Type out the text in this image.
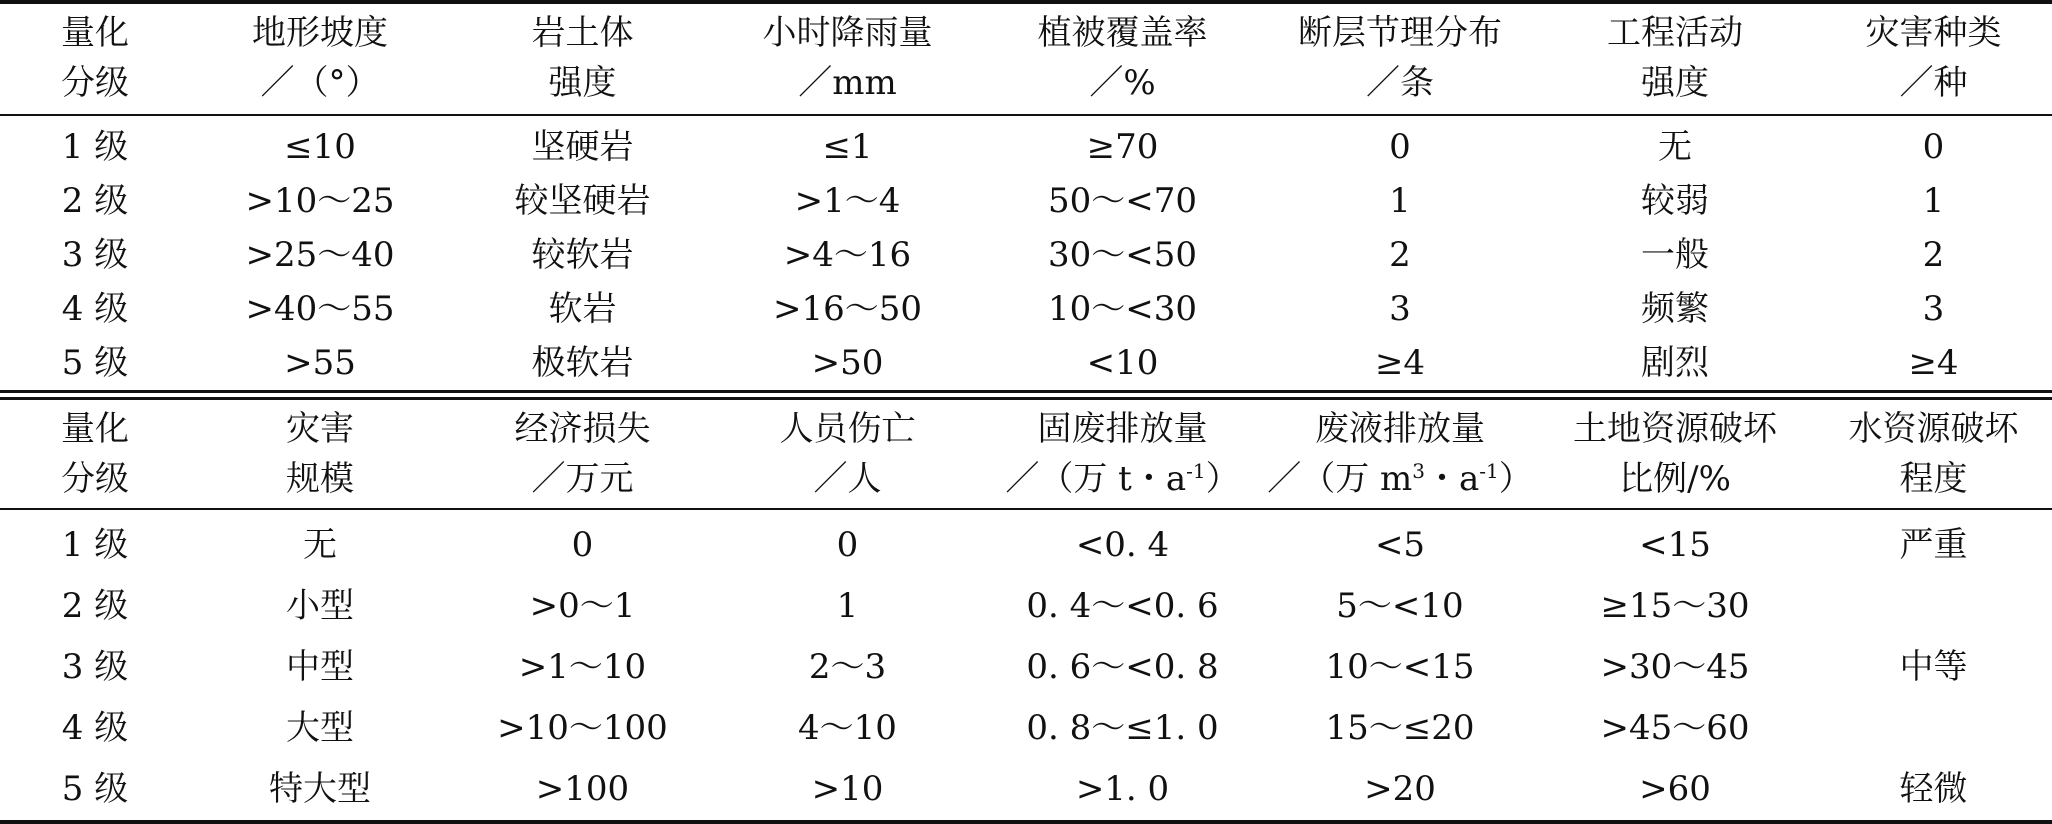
量化	地形坡度	岩土体	小时降雨量	植被覆盖率	断层节理分布	工程活动	灾害种类
分级	／（°）	强度	／mm	／%	／条	强度	／种
1 级	≤10	坚硬岩	≤1	≥70	0	无	0
2 级	>10～25	较坚硬岩	>1～4	50～<70	1	较弱	1
3 级	>25～40	较软岩	>4～16	30～<50	2	一般	2
4 级	>40～55	软岩	>16～50	10～<30	3	频繁	3
5 级	>55	极软岩	>50	<10	≥4	剧烈	≥4
量化	灾害	经济损失	人员伤亡	固废排放量	废液排放量	土地资源破坏	水资源破坏
分级	规模	／万元	／人	／（万 t・$a^{-1}$）	／（万 $m^3$・$a^{-1}$）	比例/%	程度
1 级	无	0	0	<0. 4	<5	<15	严重
2 级	小型	>0～1	1	0. 4～<0. 6	5～<10	≥15～30	
3 级	中型	>1～10	2～3	0. 6～<0. 8	10～<15	>30～45	中等
4 级	大型	>10～100	4～10	0. 8～≤1. 0	15～≤20	>45～60	
5 级	特大型	>100	>10	>1. 0	>20	>60	轻微
